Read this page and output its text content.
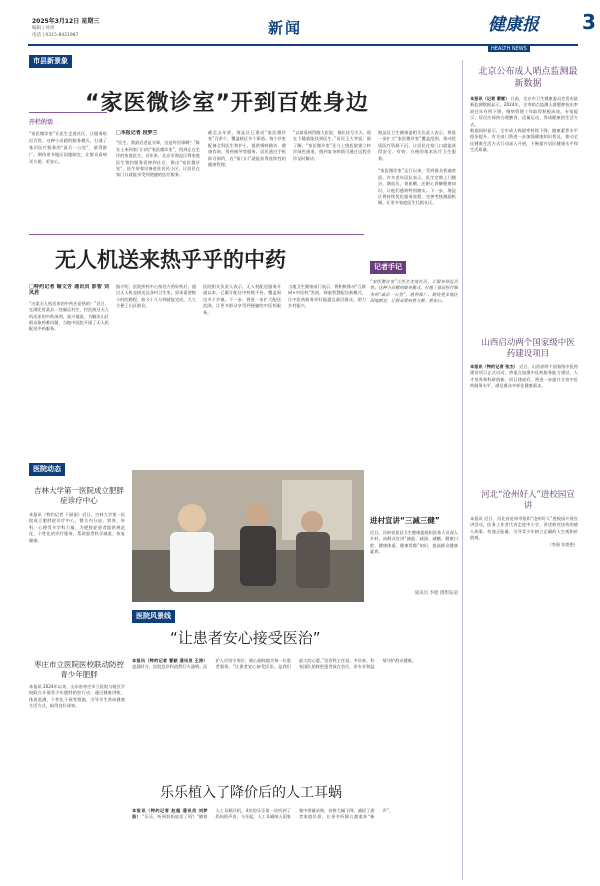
2025年3月12日 星期三
编辑 | 孙勇
电话 | 0315-8421987	新闻	健康报
HEALTH NEWS
3
市县新景象
“家医微诊室”开到百姓身边
开栏的话
“家医微诊室”让医生走进社区，让服务贴近百姓。这种小而精的服务模式，打通了基层医疗服务的“最后一公里”，值得推广。期待更多地区因地制宜，让群众看病更方便、更安心。
□本报记者 段梦兰
“医生，我最近老是头晕，这是咋回事啊？”陈女士来到家门口的“家医微诊室”，找到正在坐诊的家庭医生。近年来，北京市海淀区将家庭医生签约服务延伸到社区，推出“家医微诊室”，医生带着设备进驻居民小区，让居民在家门口就能享受到便捷的医疗服务。
截至去年底，海淀区已建成“家医微诊室”百余个，覆盖辖区多个街道。每个诊室配备全科医生和护士，提供慢病随访、健康咨询、用药指导等服务。居民通过手机即可预约，在“家门口”就能获得连续性的健康管理。
“以前看病得跑大医院，排队挂号半天，现在下楼就能找到医生。”居民王大爷说。据了解，“家医微诊室”还与上级医院建立转诊绿色通道，遇到复杂病情可通过远程会诊及时解决。
海淀区卫生健康委相关负责人表示，将进一步扩大“家医微诊室”覆盖范围，推动优质医疗资源下沉，让居民在家门口就能获得安全、有效、方便的基本医疗卫生服务。

“家医微诊室”运行以来，受到群众普遍欢迎。许多老年居民表示，医生定期上门随访，测血压、查血糖，还耐心讲解健康知识，让他们感到特别踏实。下一步，海淀区将持续优化服务流程，完善考核激励机制，让更多家庭医生扎根社区。
北京公布成人哨点监测最新数据
本报讯（记者 萧雷） 日前，北京市卫生健康委员会发布最新监测数据显示，2024年，全市哨点监测人群肥胖检出率较往年有所下降，慢病管理工作取得积极成效。专家提示，居民应保持合理膳食、适量运动，养成健康的生活方式。
数据同时显示，全市成人吸烟率持续下降，健康素养水平稳步提升。有关部门将进一步加强健康知识普及，推动全民健康生活方式行动深入开展，不断提升居民健康水平和生活质量。
记者手记
“家医微诊室”让医生走进社区，让服务贴近百姓。这种小而精的服务模式，打通了基层医疗服务的“最后一公里”，值得推广。期待更多地区因地制宜，让群众看病更方便、更安心。
无人机送来热乎乎的中药
□特约记者 喻文芳 通讯员 彭智 刘凤君
“这架无人机送来的中药还是热的！”近日，在湖北省某县一处偏远村庄，村医接过无人机送来的中药汤剂，高兴地说。为解决山区群众取药难问题，当地中医院开通了无人机配送中药服务。
据介绍，医院煎药中心按处方煎好药后，通过无人机直接送达各村卫生室，原本需要数小时的路程，如今十几分钟就能完成，大大方便了山区群众。
医院相关负责人表示，无人机配送服务开通以来，已累计配送中药数千份，覆盖周边多个乡镇。下一步，将进一步扩大配送范围，让更多群众享受到便捷的中医药服务。
当地卫生健康部门表示，将积极推动“互联网+中医药”发展，探索智慧配送新模式，让中医药服务更好地惠及基层群众，助力乡村振兴。
山西启动两个国家级中医药建设项目
本报讯（特约记者 张杰） 近日，山西省两个国家级中医药建设项目正式启动，将重点加强中医药服务能力建设、人才培养和科研创新。项目建成后，将进一步提升全省中医药服务水平，满足群众多样化健康需求。
医院动态
吉林大学第一医院成立肥胖症诊疗中心
本报讯（特约记者 于丽丽）近日，吉林大学第一医院成立肥胖症诊疗中心，整合内分泌、营养、外科、心理等多学科力量，为肥胖症患者提供规范化、个性化的诊疗服务，帮助患者科学减重、恢复健康。
枣庄市立医院医校联动防控青少年肥胖
本报讯 2024年以来，山东省枣庄市立医院与辖区学校联合开展青少年肥胖防控行动，通过健康讲座、体质监测、个性化干预等措施，引导学生养成健康生活方式，取得良好成效。
进村宣讲“三减三健”
近日，河南省某县卫生健康委组织医务人员深入乡村，向群众宣讲“减盐、减油、减糖，健康口腔、健康体重、健康骨骼”知识，提高群众健康素养。
通讯员 李健 摄影报道
河北“沧州好人”进校园宣讲
本报讯 近日，河北省沧州市组织“沧州好人”进校园开展宣讲活动，医务工作者代表走进中小学，讲述救死扶伤的感人故事，传递正能量，引导青少年树立正确的人生观和价值观。
（李强 张艳艳）
医院风景线
“让患者安心接受医治”
本报讯（特约记者 曹颖 通讯员 王涛） 凌晨时分，医院急诊科依然灯火通明。医护人员坚守岗位，耐心细致地为每一位患者服务。“让患者安心接受医治，是我们最大的心愿。”急诊科主任说。多年来，科室团队始终把患者放在首位，用专业和温情守护群众健康。
乐乐植入了降价后的人工耳蜗
本报讯（特约记者 赵超 通讯员 刘梦茹） “乐乐，听到妈妈说话了吗？”随着人工耳蜗开机，4岁的乐乐第一次听到了妈妈的声音。今年起，人工耳蜗纳入国家集中带量采购，价格大幅下降，减轻了患者家庭负担，让更多听障儿童重获“新声”。
